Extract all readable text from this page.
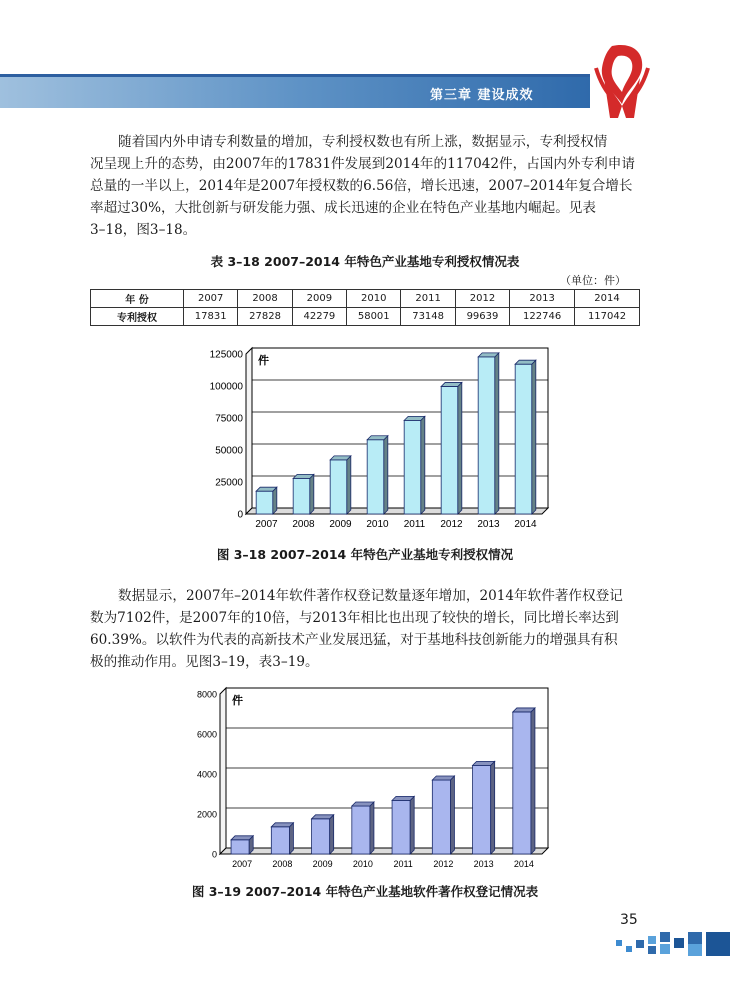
第三章 建设成效
随着国内外申请专利数量的增加，专利授权数也有所上涨，数据显示，专利授权情
况呈现上升的态势，由2007年的17831件发展到2014年的117042件，占国内外专利申请
总量的一半以上，2014年是2007年授权数的6.56倍，增长迅速，2007–2014年复合增长
率超过30%，大批创新与研发能力强、成长迅速的企业在特色产业基地内崛起。见表
3–18，图3–18。
表 3–18 2007–2014 年特色产业基地专利授权情况表
（单位：件）
年 份	2007	2008	2009	2010	2011	2012	2013	2014
专利授权	17831	27828	42279	58001	73148	99639	122746	117042
0
25000
50000
75000
100000
125000 件
2007 2008 2009 2010 2011 2012 2013 2014
图 3–18 2007–2014 年特色产业基地专利授权情况
数据显示，2007年–2014年软件著作权登记数量逐年增加，2014年软件著作权登记
数为7102件，是2007年的10倍，与2013年相比也出现了较快的增长，同比增长率达到
60.39%。以软件为代表的高新技术产业发展迅猛，对于基地科技创新能力的增强具有积
极的推动作用。见图3–19，表3–19。
0
2000
4000
6000
8000 件
2007 2008 2009 2010 2011 2012 2013 2014
图 3–19 2007–2014 年特色产业基地软件著作权登记情况表
35
